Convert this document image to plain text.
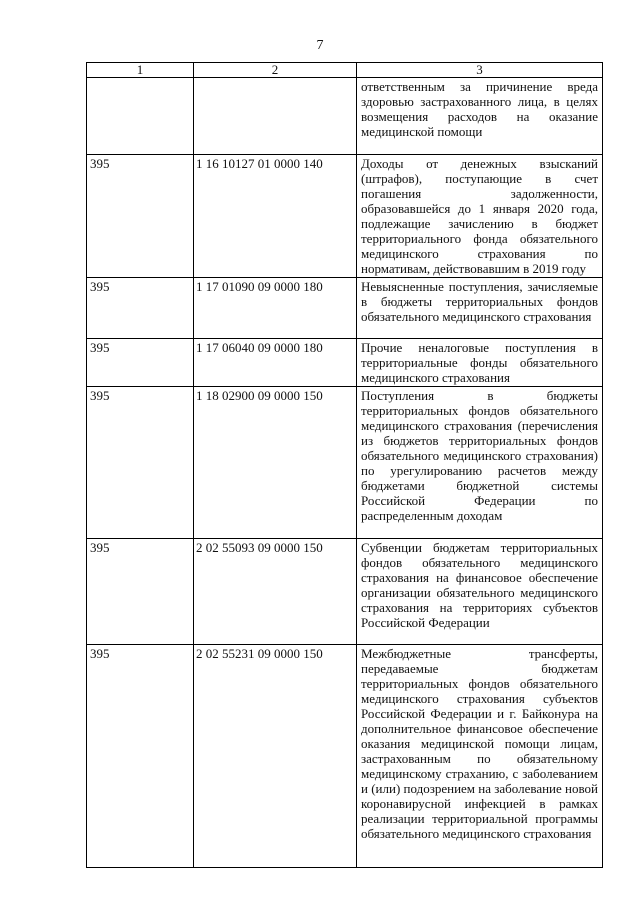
7
1	2	3
		ответственным за причинение вреда здоровью застрахованного лица, в целях возмещения расходов на оказание медицинской помощи
395	1 16 10127 01 0000 140	Доходы от денежных взысканий (штрафов), поступающие в счет погашения задолженности, образовавшейся до 1 января 2020 года, подлежащие зачислению в бюджет территориального фонда обязательного медицинского страхования по нормативам, действовавшим в 2019 году
395	1 17 01090 09 0000 180	Невыясненные поступления, зачисляемые в бюджеты территориальных фондов обязательного медицинского страхования
395	1 17 06040 09 0000 180	Прочие неналоговые поступления в территориальные фонды обязательного медицинского страхования
395	1 18 02900 09 0000 150	Поступления в бюджеты территориальных фондов обязательного медицинского страхования (перечисления из бюджетов территориальных фондов обязательного медицинского страхования) по урегулированию расчетов между бюджетами бюджетной системы Российской Федерации по распределенным доходам
395	2 02 55093 09 0000 150	Субвенции бюджетам территориальных фондов обязательного медицинского страхования на финансовое обеспечение организации обязательного медицинского страхования на территориях субъектов Российской Федерации
395	2 02 55231 09 0000 150	Межбюджетные трансферты, передаваемые бюджетам территориальных фондов обязательного медицинского страхования субъектов Российской Федерации и г. Байконура на дополнительное финансовое обеспечение оказания медицинской помощи лицам, застрахованным по обязательному медицинскому страханию, с заболеванием и (или) подозрением на заболевание новой коронавирусной инфекцией в рамках реализации территориальной программы обязательного медицинского страхования
